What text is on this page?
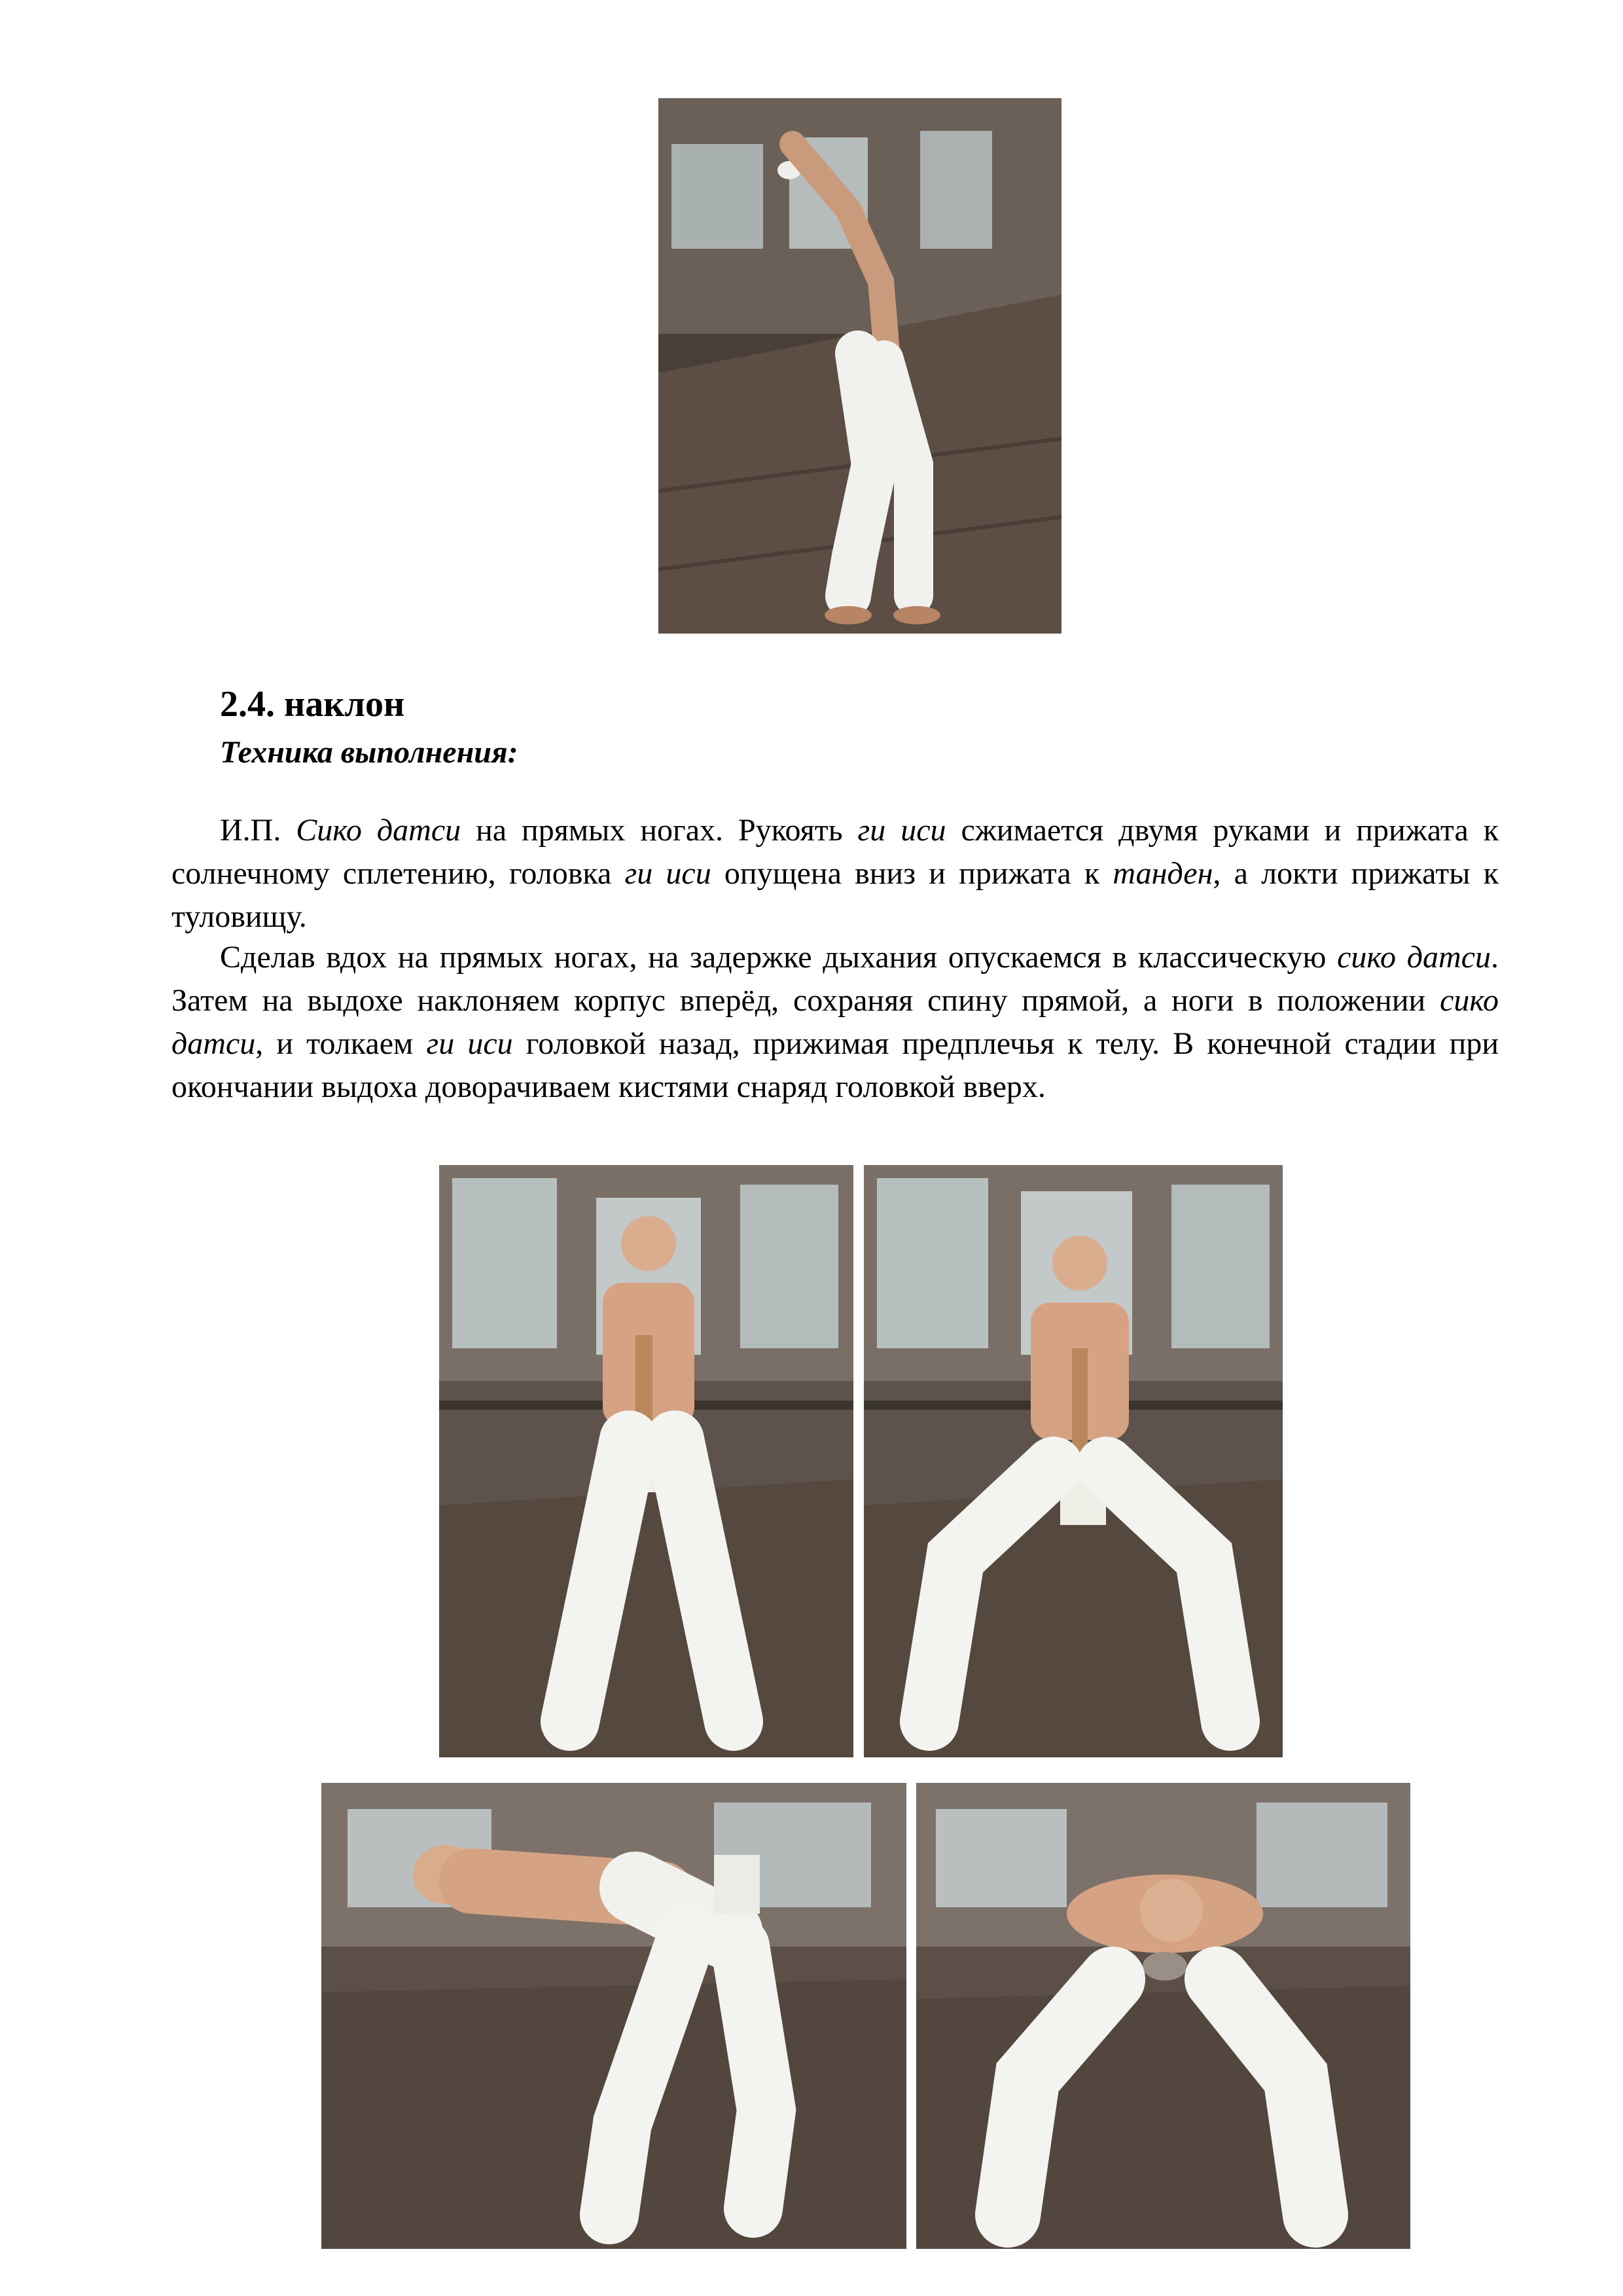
2.4. наклон
Техника выполнения:

И.П. Сико датси на прямых ногах. Рукоять ги иси сжимается двумя руками и прижата к солнечному сплетению, головка ги иси опущена вниз и прижата к танден, а локти прижаты к туловищу.

Сделав вдох на прямых ногах, на задержке дыхания опускаемся в классическую сико датси. Затем на выдохе наклоняем корпус вперёд, сохраняя спину прямой, а ноги в положении сико датси, и толкаем ги иси головкой назад, прижимая предплечья к телу. В конечной стадии при окончании выдоха доворачиваем кистями снаряд головкой вверх.
